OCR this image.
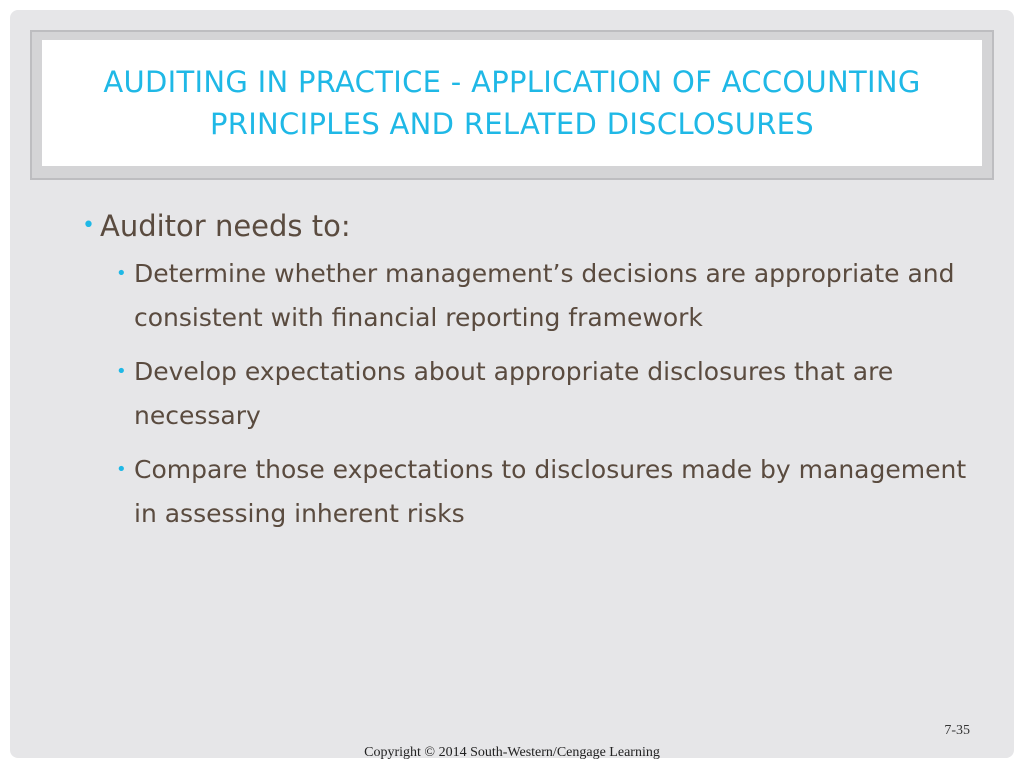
AUDITING IN PRACTICE - APPLICATION OF ACCOUNTING
PRINCIPLES AND RELATED DISCLOSURES
• Auditor needs to:
• Determine whether management’s decisions are appropriate and consistent with financial reporting framework
• Develop expectations about appropriate disclosures that are necessary
• Compare those expectations to disclosures made by management in assessing inherent risks
7-35
Copyright © 2014 South-Western/Cengage Learning
